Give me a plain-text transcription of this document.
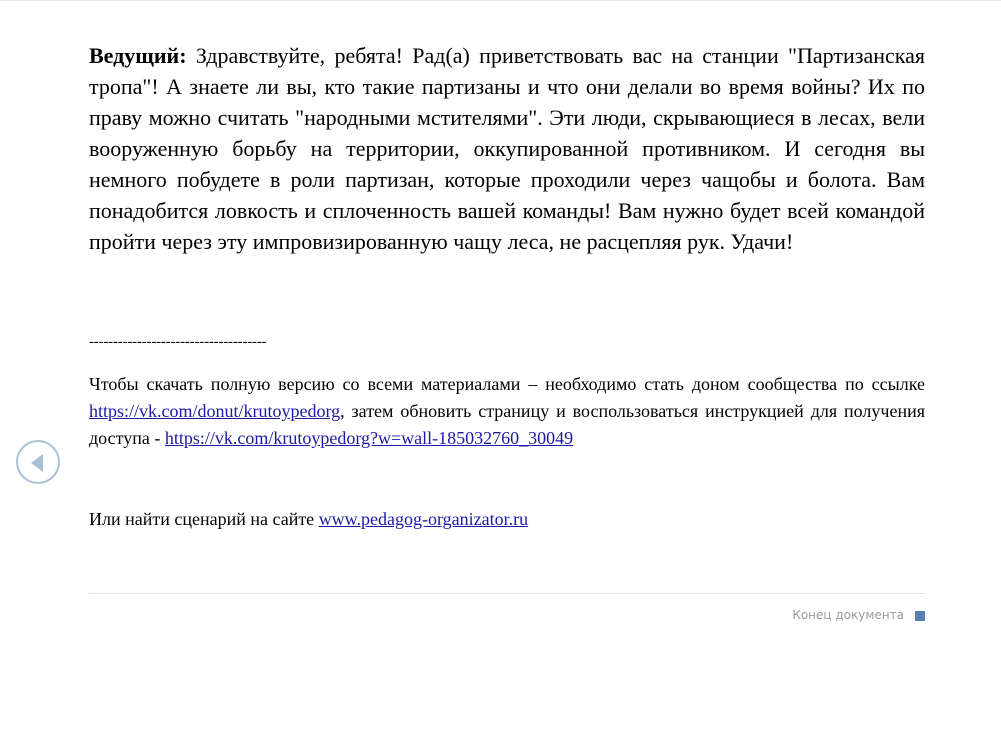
Ведущий: Здравствуйте, ребята! Рад(а) приветствовать вас на станции "Партизанская тропа"! А знаете ли вы, кто такие партизаны и что они делали во время войны? Их по праву можно считать "народными мстителями". Эти люди, скрывающиеся в лесах, вели вооруженную борьбу на территории, оккупированной противником. И сегодня вы немного побудете в роли партизан, которые проходили через чащобы и болота. Вам понадобится ловкость и сплоченность вашей команды! Вам нужно будет всей командой пройти через эту импровизированную чащу леса, не расцепляя рук. Удачи!

-------------------------------------

Чтобы скачать полную версию со всеми материалами – необходимо стать доном сообщества по ссылке https://vk.com/donut/krutoypedorg, затем обновить страницу и воспользоваться инструкцией для получения доступа - https://vk.com/krutoypedorg?w=wall-185032760_30049

Или найти сценарий на сайте www.pedagog-organizator.ru

Конец документа
